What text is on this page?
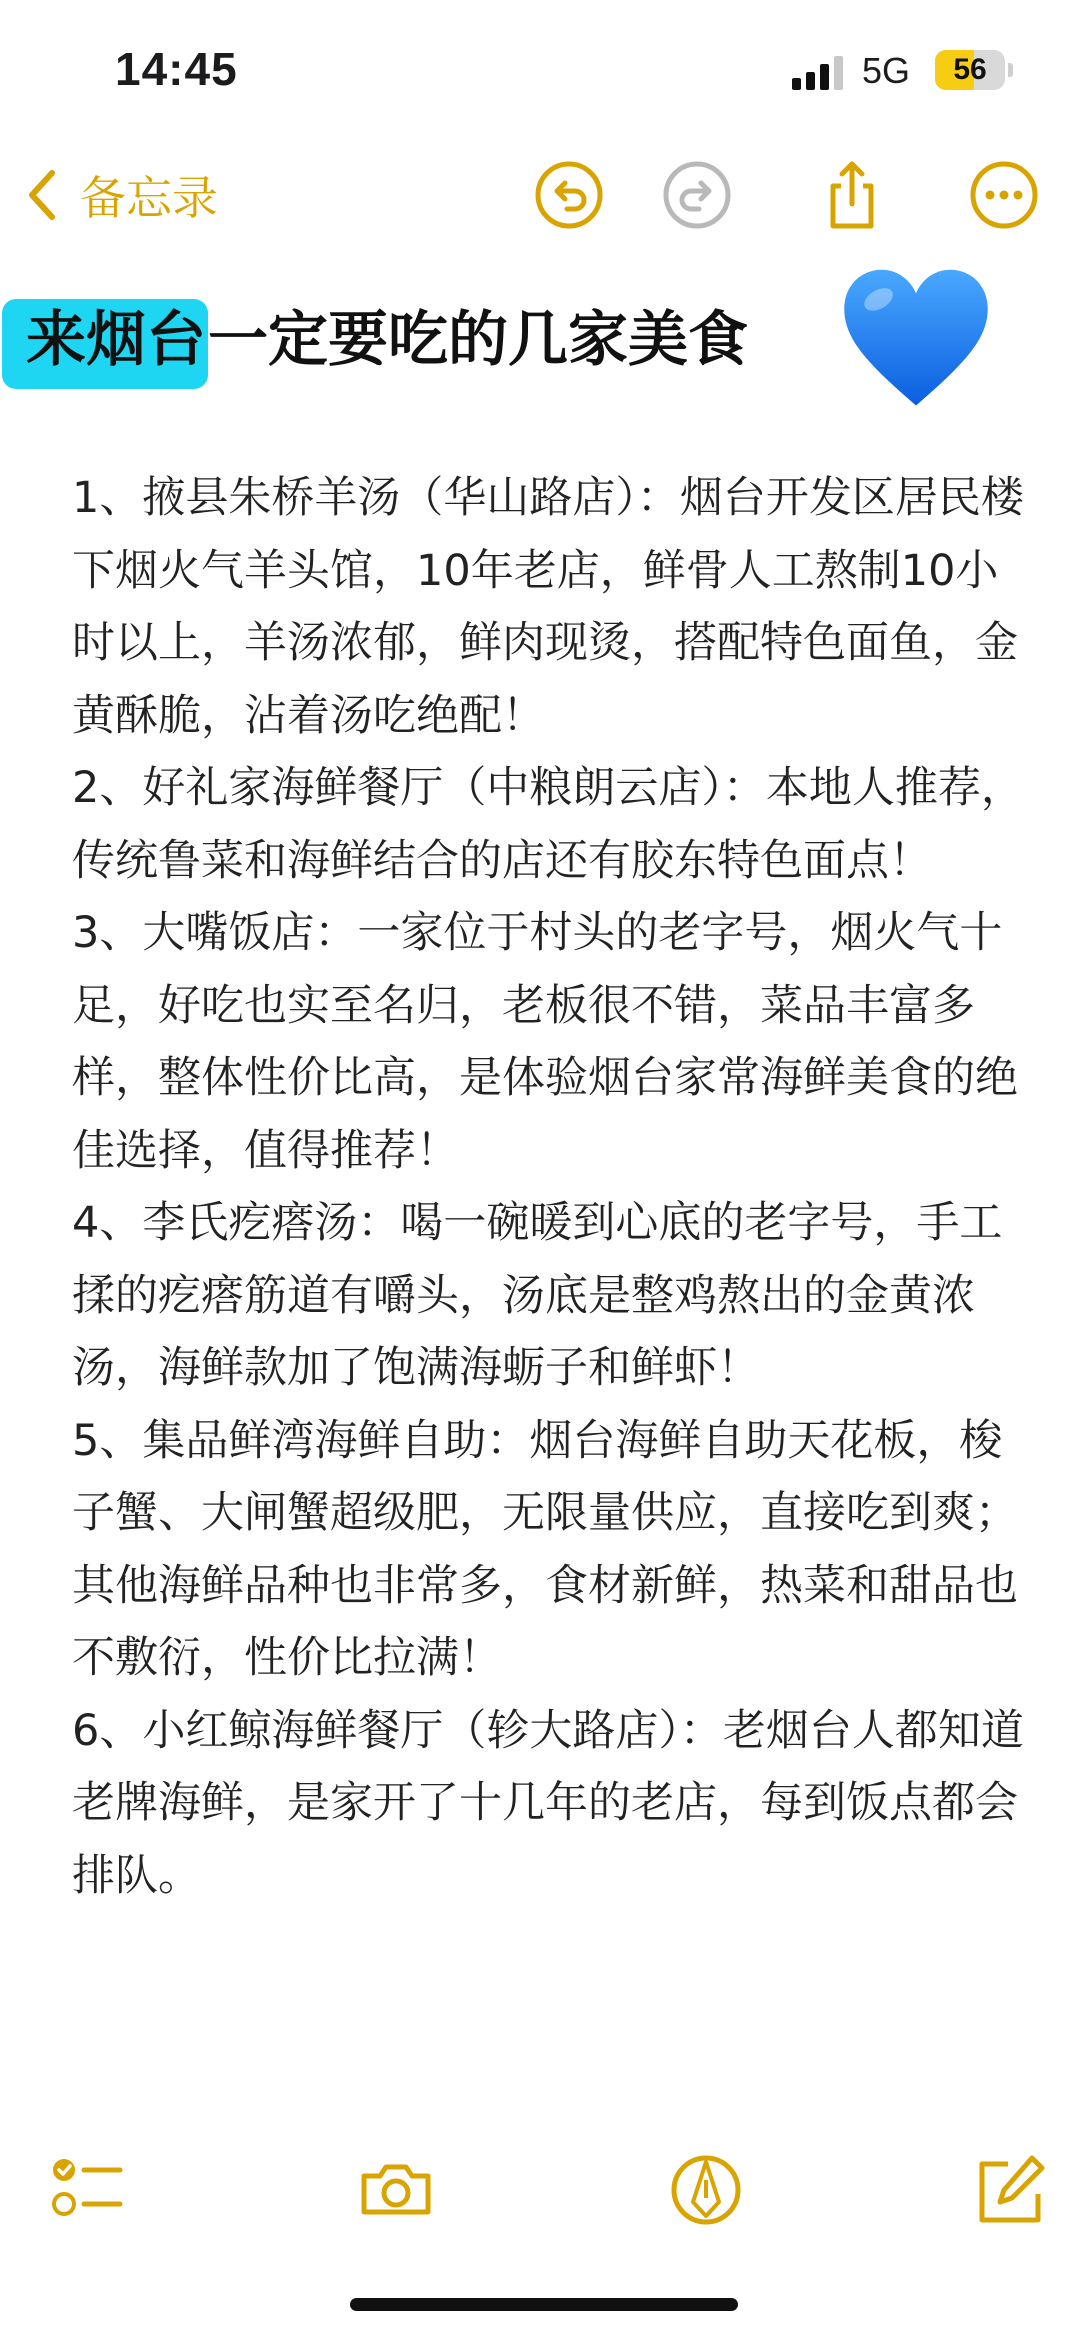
14:45	5G	56
备忘录
来烟台一定要吃的几家美食

1、掖县朱桥羊汤（华山路店）：烟台开发区居民楼下烟火气羊头馆，10年老店，鲜骨人工熬制10小时以上，羊汤浓郁，鲜肉现烫，搭配特色面鱼，金黄酥脆，沾着汤吃绝配！

2、好礼家海鲜餐厅（中粮朗云店）：本地人推荐，传统鲁菜和海鲜结合的店还有胶东特色面点！

3、大嘴饭店：一家位于村头的老字号，烟火气十足，好吃也实至名归，老板很不错，菜品丰富多样，整体性价比高，是体验烟台家常海鲜美食的绝佳选择，值得推荐！

4、李氏疙瘩汤：喝一碗暖到心底的老字号，手工揉的疙瘩筋道有嚼头，汤底是整鸡熬出的金黄浓汤，海鲜款加了饱满海蛎子和鲜虾！

5、集品鲜湾海鲜自助：烟台海鲜自助天花板，梭子蟹、大闸蟹超级肥，无限量供应，直接吃到爽；其他海鲜品种也非常多，食材新鲜，热菜和甜品也不敷衍，性价比拉满！

6、小红鲸海鲜餐厅（轸大路店）：老烟台人都知道老牌海鲜，是家开了十几年的老店，每到饭点都会排队。
